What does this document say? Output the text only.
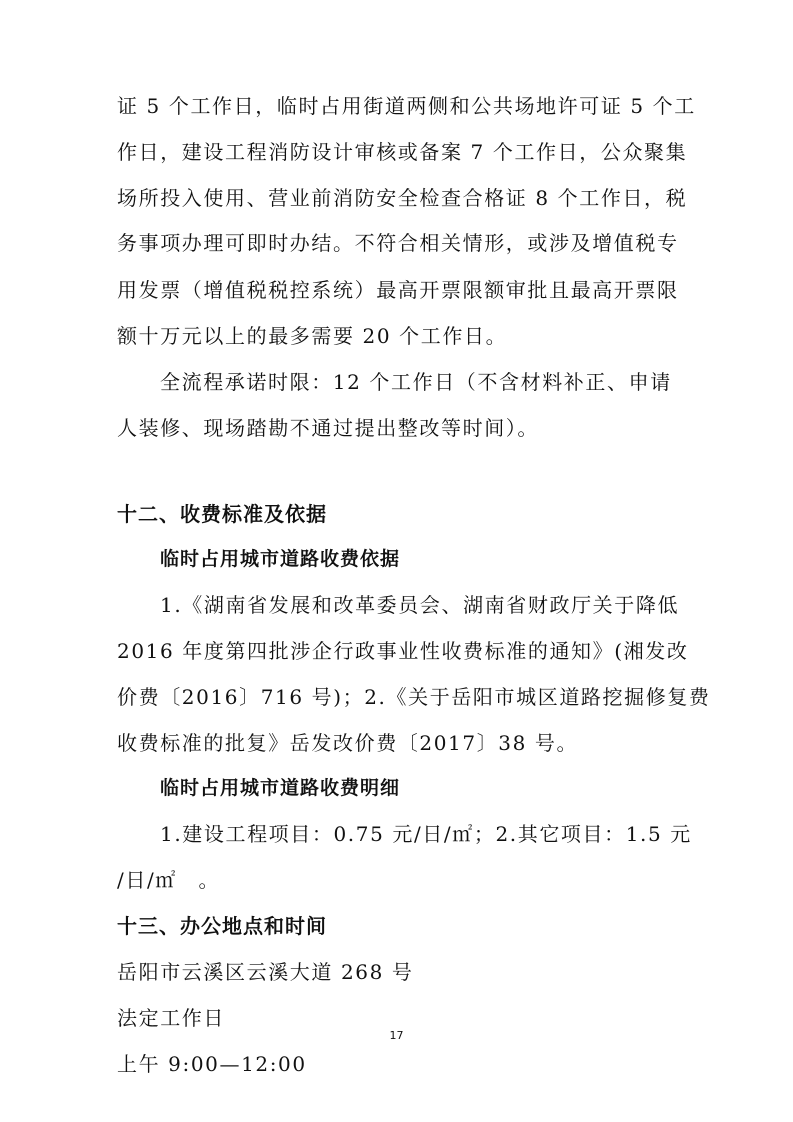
证 5 个工作日，临时占用街道两侧和公共场地许可证 5 个工
作日，建设工程消防设计审核或备案 7 个工作日，公众聚集
场所投入使用、营业前消防安全检查合格证 8 个工作日，税
务事项办理可即时办结。不符合相关情形，或涉及增值税专
用发票（增值税税控系统）最高开票限额审批且最高开票限
额十万元以上的最多需要 20 个工作日。
全流程承诺时限：12 个工作日（不含材料补正、申请
人装修、现场踏勘不通过提出整改等时间）。
十二、收费标准及依据
临时占用城市道路收费依据
1.《湖南省发展和改革委员会、湖南省财政厅关于降低
2016 年度第四批涉企行政事业性收费标准的通知》(湘发改
价费〔2016〕716 号)；2.《关于岳阳市城区道路挖掘修复费
收费标准的批复》岳发改价费〔2017〕38 号。
临时占用城市道路收费明细
1.建设工程项目：0.75 元/日/㎡；2.其它项目：1.5 元
/日/㎡　。
十三、办公地点和时间
岳阳市云溪区云溪大道 268 号
法定工作日
上午 9:00—12:00
17
